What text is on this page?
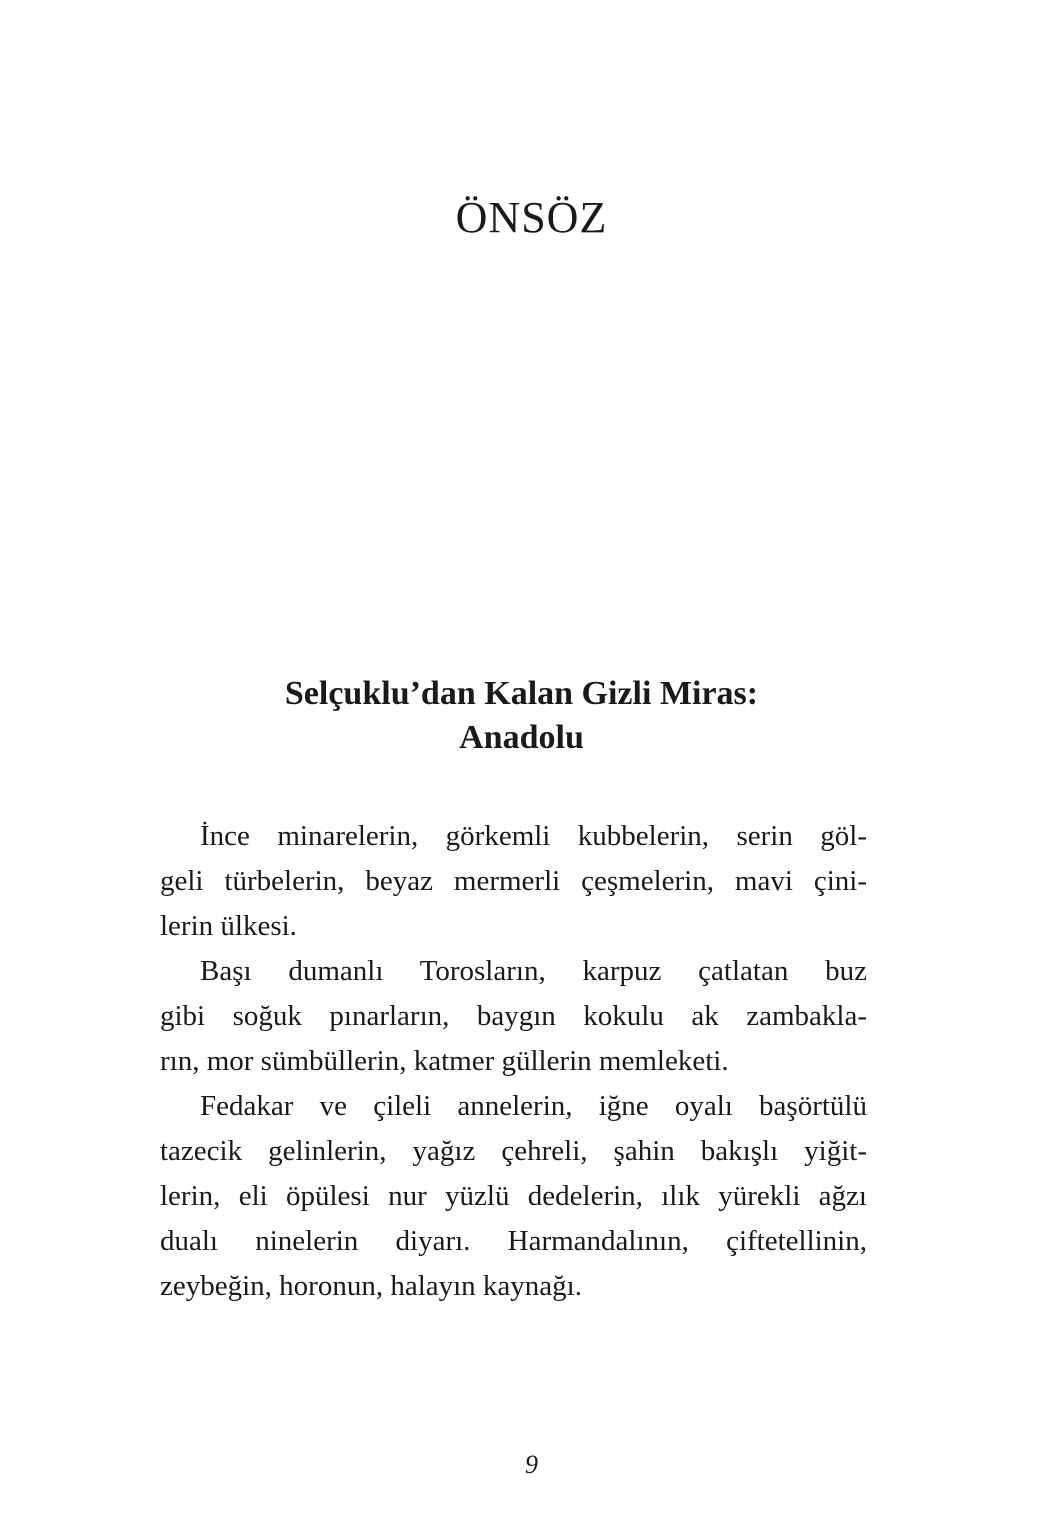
ÖNSÖZ
Selçuklu’dan Kalan Gizli Miras:
Anadolu
İnce minarelerin, görkemli kubbelerin, serin göl-
geli türbelerin, beyaz mermerli çeşmelerin, mavi çini-
lerin ülkesi.
Başı dumanlı Torosların, karpuz çatlatan buz
gibi soğuk pınarların, baygın kokulu ak zambakla-
rın, mor sümbüllerin, katmer güllerin memleketi.
Fedakar ve çileli annelerin, iğne oyalı başörtülü
tazecik gelinlerin, yağız çehreli, şahin bakışlı yiğit-
lerin, eli öpülesi nur yüzlü dedelerin, ılık yürekli ağzı
dualı ninelerin diyarı. Harmandalının, çiftetellinin,
zeybeğin, horonun, halayın kaynağı.
9
